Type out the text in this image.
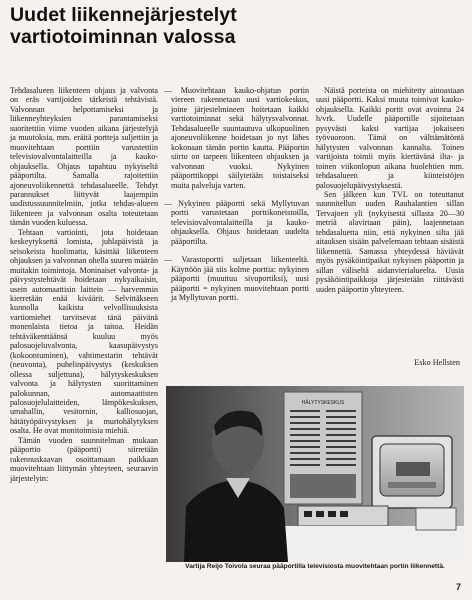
Uudet liikennejärjestelyt vartiotoiminnan valossa

Tehdasalueen liikenteen ohjaus ja valvonta on eräs vartijoiden tärkeistä tehtävistä. Valvonnan helpottamiseksi ja liikenneyhteyksien parantamiseksi suoritettiin viime vuoden aikana järjestelyjä ja muutoksia, mm. eräitä portteja suljettiin ja muovitehtaan porttiin varustettiin televisiovalvontalaitteilla ja kauko-ohjauksella. Ohjaus tapahtuu nykyiseltä pääportilta. Samalla rajoitettiin ajoneuvoliikennettä tehdasalueelle. Tehdyt parannukset liittyvät laajempiin uudistussuunnitelmiin, jotka tehdas-alueen liikenteen ja valvonnan osalta toteutetaan tämän vuoden kuluessa.

Tehtaan vartiointi, jota hoidetaan keskeytyksettä lomista, juhlapäivistä ja seisokeista huolimatta, käsittää liikenteen ohjauksen ja valvonnan ohella suuren määrän muitakin toimintoja. Moninaiset valvonta- ja päivystystehtävät hoidetaan nykyaikaisin, usein automaattisin laittein — harvemmin kierretään enää kiväärit. Selvittäkseen kunnolla kaikista velvollisuuksista vartiomiehet tarvitsevat tänä päivänä monenlaista tietoa ja taitoa. Heidän tehtäväkenttäänsä kuuluu myös palosuojeluvalvonta, kaasupäivystys (kokoontuminen), vahtimestarin tehtävät (neuvonta), puhelinpäivystys (keskuksen ollessa suljettuna), hälytyskeskuksen valvonta ja hälytysten suorittaminen palokunnan, automaattisten palosuojelulaitteiden, lämpökeskuksen, umahallin, vesitornin, kalliosuojan, hätätyöpäivystyksen ja murtohälytyksen osalta. He ovat monitoimisia miehiä.

Tämän vuoden suunnitelman mukaan pääportio (pääportti) siirretään rakennuskaavan osoittamaan paikkaan muovitehtaan liittymän yhteyteen, seuraavin järjestelyin:

— Muovitehtaan kauko-ohjatun portin viereen rakennetaan uusi vartiokeskus, joine järjestelmineen hoitetaan kaikki vartiotoiminnat sekä hälytysvalvonnat. Tehdasalueelle suuntautuva ulkopuolinen ajoneuvoliikenne hoidetaan jo nyt lähes kokonaan tämän portin kautta. Pääportin siirto on tarpeen liikenteen ohjauksen ja valvonnan vuoksi. Nykyinen pääporttikoppi säilytetään toistaiseksi muita palveluja varten.

— Nykyinen pääportti sekä Myllytuvan portti varustetaan porttikoneistoilla, televisiovalvontalaitteilla ja kauko-ohjauksella. Ohjaus hoidetaan uudelta pääportilta.

— Varastoportti suljetaan liikenteeltä. Käyttöön jää siis kolme porttia: nykyinen pääportti (muuttuu sivuportiksi), uusi pääportti = nykyinen muovitehtaan portti ja Myllytuvan portti.

Näistä porteista on miehitetty ainoastaan uusi pääportti. Kaksi muuta toimivat kauko-ohjauksella. Kaikki portit ovat avoinna 24 h/vrk. Uudelle pääportille sijoitetaan pysyvästi kaksi vartijaa jokaiseen työvuoroon. Tämä on välttämätöntä hälytysten valvonnan kannalta. Toinen vartijoista toimii myös kiertävänä ilta- ja toinen viikonlopun aikana huolehtien mm. tehdasalueen ja kiinteistöjen palosuojelupäivystyksestä.

Sen jälkeen kun TVL on toteuttanut suunnitellun uuden Rauhalantien sillan Tervajoen yli (nykyisestä sillasta 20—30 metriä alavirtaan päin), laajennetaan tehdasaluetta niin, että nykyinen silta jää aitauksen sisään palvelemaan tehtaan sisäistä liikennettä. Samassa yhteydessä häviävät myös pysäköintipaikat nykyisen pääportin ja sillan väliseltä aidanvierialueelta. Uusia pysäköintipaikkoja järjestetään riittävästi uuden pääportin yhteyteen.

Esko Hellsten
HÄLYTYSKESKUS
Vartija Reijo Toivola seuraa pääportilla televisiosta muovitehtaan portin liikennettä.
7
